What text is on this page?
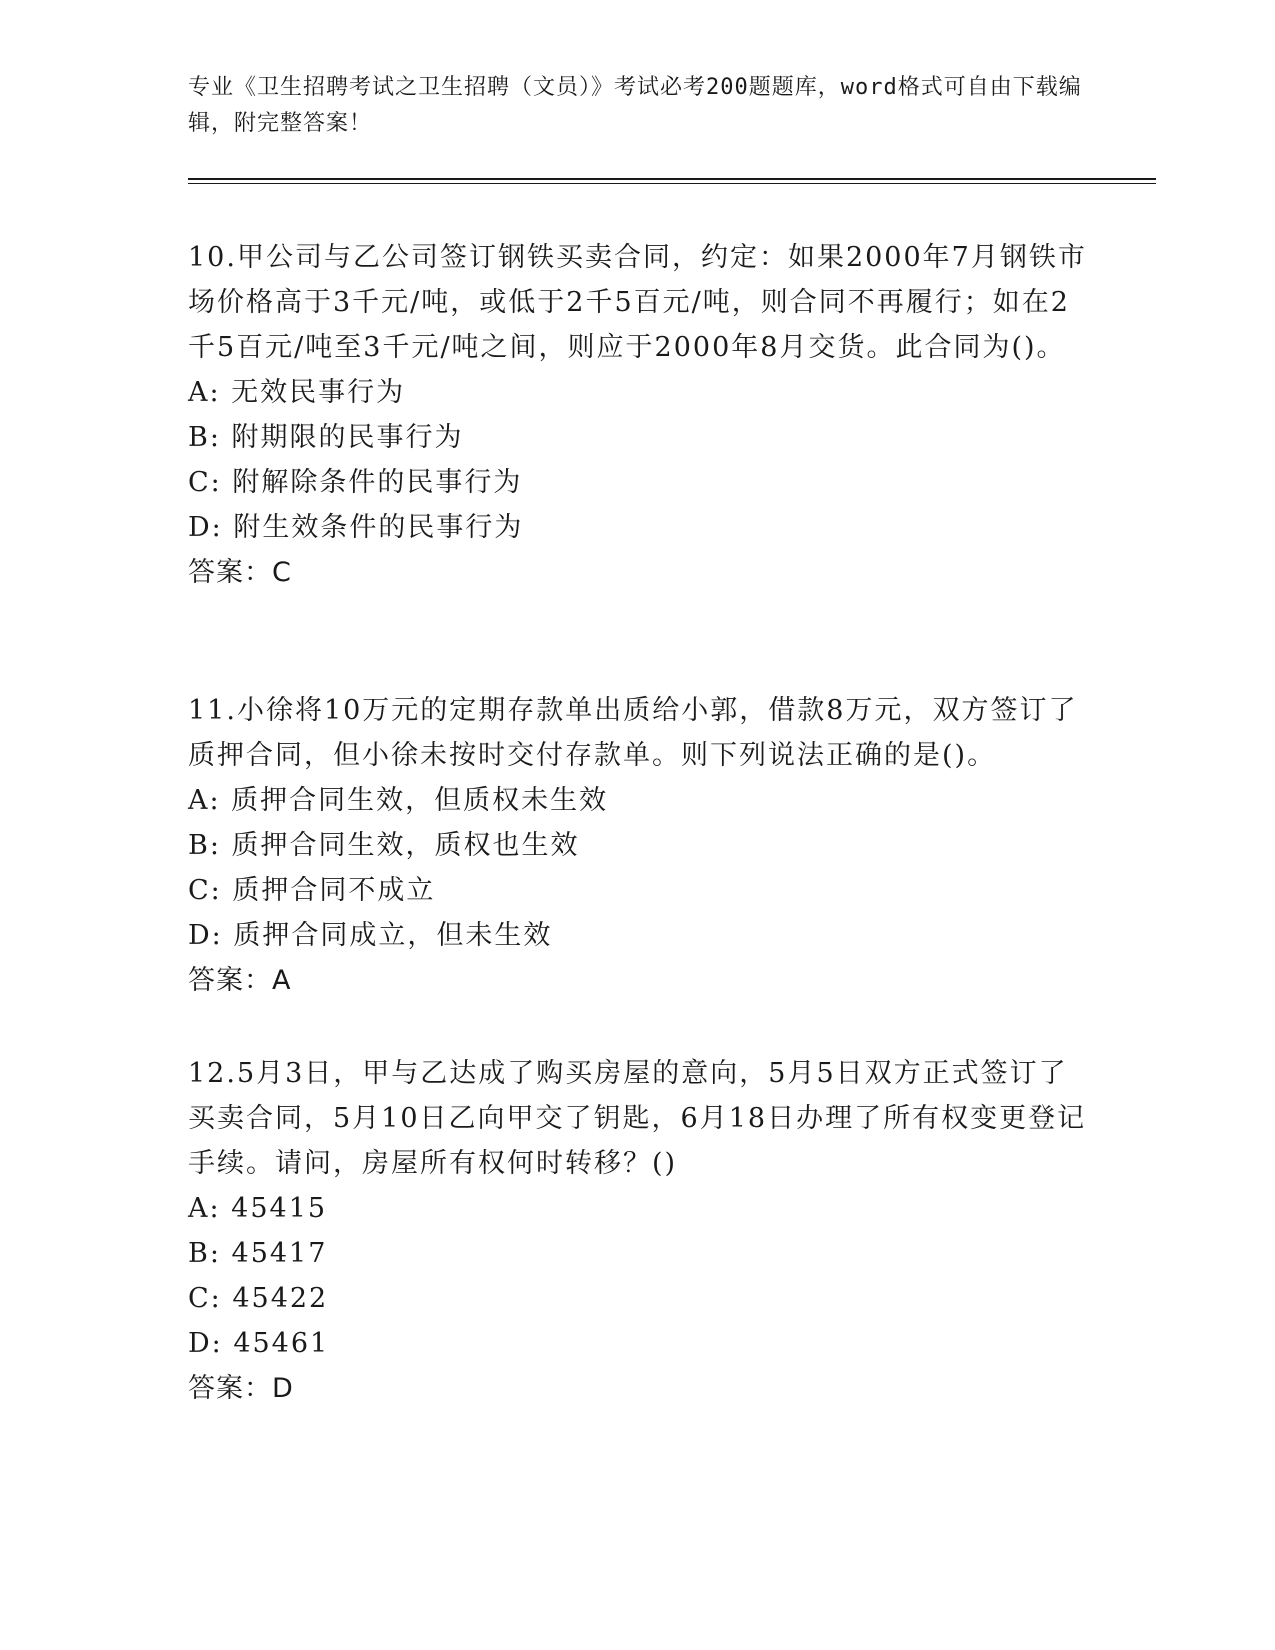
专业《卫生招聘考试之卫生招聘（文员）》考试必考200题题库，word格式可自由下载编辑，附完整答案！

10.甲公司与乙公司签订钢铁买卖合同，约定：如果2000年7月钢铁市场价格高于3千元/吨，或低于2千5百元/吨，则合同不再履行；如在2千5百元/吨至3千元/吨之间，则应于2000年8月交货。此合同为()。

A: 无效民事行为
B: 附期限的民事行为
C: 附解除条件的民事行为
D: 附生效条件的民事行为
答案：C

11.小徐将10万元的定期存款单出质给小郭，借款8万元，双方签订了质押合同，但小徐未按时交付存款单。则下列说法正确的是()。

A: 质押合同生效，但质权未生效
B: 质押合同生效，质权也生效
C: 质押合同不成立
D: 质押合同成立，但未生效
答案：A

12.5月3日，甲与乙达成了购买房屋的意向，5月5日双方正式签订了买卖合同，5月10日乙向甲交了钥匙，6月18日办理了所有权变更登记手续。请问，房屋所有权何时转移？()

A: 45415
B: 45417
C: 45422
D: 45461
答案：D
